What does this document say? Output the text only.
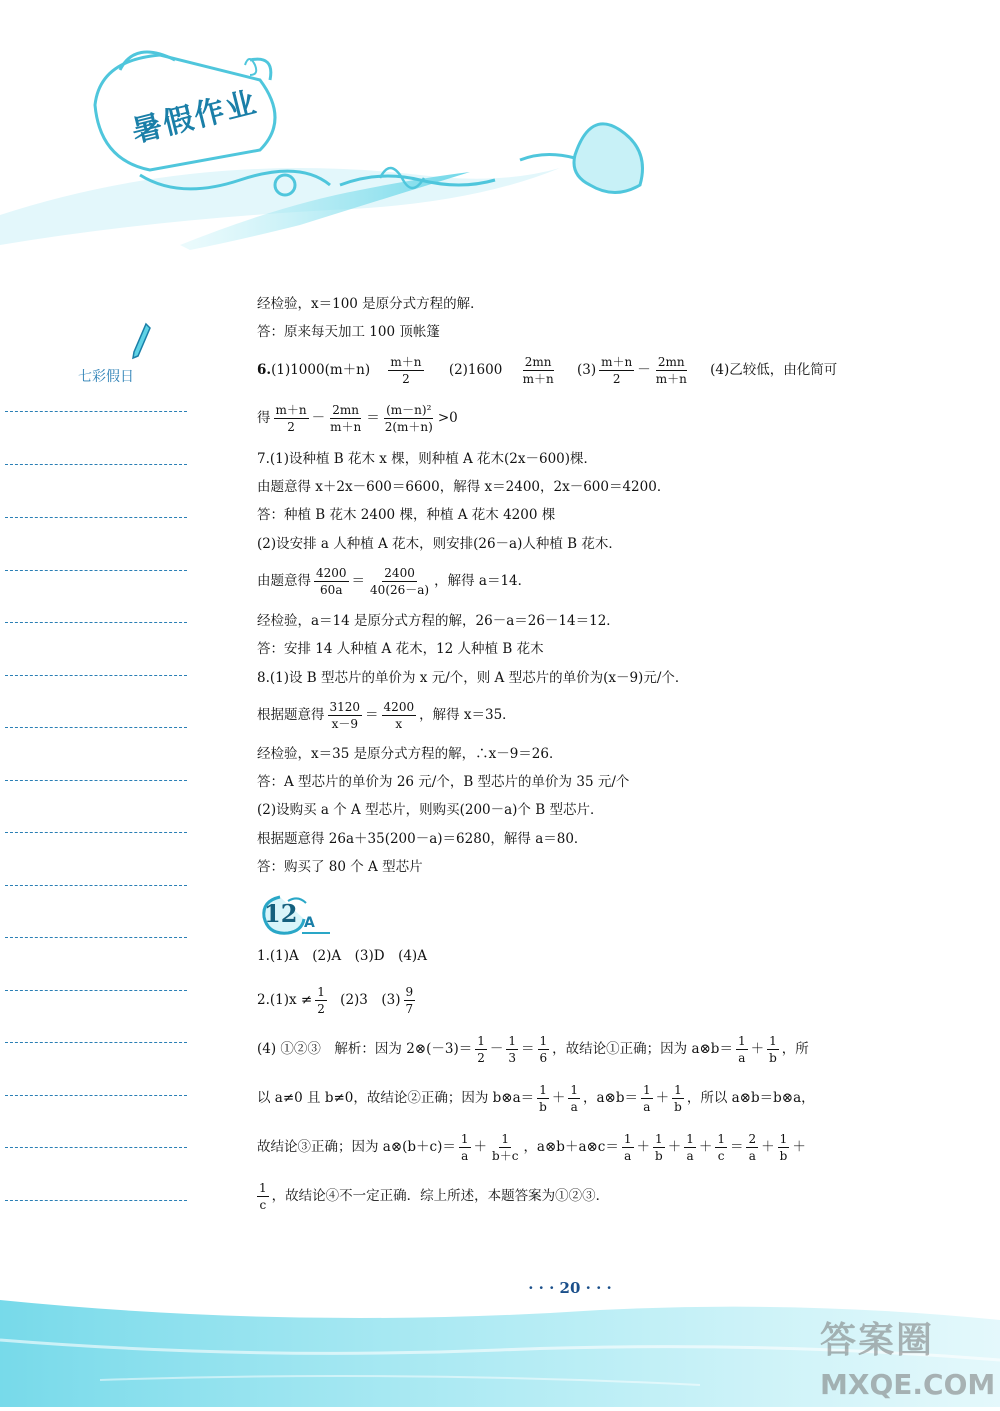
暑假作业
七彩假日
经检验，x＝100 是原分式方程的解．
答：原来每天加工 100 顶帐篷
$6.(1)1000(m+n) \frac{m+n}{2} (2)1600 \frac{2mn}{m+n} (3) \frac{m+n}{2} - \frac{2mn}{m+n} (4)$乙较低，由化简可
得 $\frac{m+n}{2} - \frac{2mn}{m+n} = \frac{\text{(m－n)²}}{2(m+n)} >0$
7.(1)设种植 B 花木 x 棵，则种植 A 花木(2x－600)棵．
由题意得 x＋2x－600＝6600，解得 x＝2400，2x－600＝4200．
答：种植 B 花木 2400 棵，种植 A 花木 4200 棵
(2)设安排 a 人种植 A 花木，则安排(26－a)人种植 B 花木．
由题意得 $\frac{4200}{60a} = \frac{2400}{40(26-a)}$ ，解得 a＝14．
经检验，a＝14 是原分式方程的解，26－a＝26－14＝12．
答：安排 14 人种植 A 花木，12 人种植 B 花木
8.(1)设 B 型芯片的单价为 x 元/个，则 A 型芯片的单价为(x－9)元/个．
根据题意得 $\frac{3120}{x-9} = \frac{4200}{x}$ ，解得 x＝35．
经检验，x＝35 是原分式方程的解，∴x－9＝26．
答：A 型芯片的单价为 26 元/个，B 型芯片的单价为 35 元/个
(2)设购买 a 个 A 型芯片，则购买(200－a)个 B 型芯片．
根据题意得 26a＋35(200－a)＝6280，解得 a＝80．
答：购买了 80 个 A 型芯片
12 A
1.(1)A　(2)A　(3)D　(4)A
$2.(1)x \ne \frac{1}{2} (2)3$　$(3) \frac{9}{7}$
(4) ①②③　解析：因为 2⊗(－3)＝ $\frac{1}{2} - \frac{1}{3} = \frac{1}{6}$ ，故结论①正确；因为 a⊗b＝ $\frac{1}{a} + \frac{1}{b}$ ，所
以 a≠0 且 b≠0，故结论②正确；因为 b⊗a＝ $\frac{1}{b} + \frac{1}{a}$ ，a⊗b＝ $\frac{1}{a} + \frac{1}{b}$ ，所以 a⊗b＝b⊗a，
故结论③正确；因为 a⊗(b＋c)＝ $\frac{1}{a} + \frac{1}{b+c}$ ，a⊗b＋a⊗c＝ $\frac{1}{a} + \frac{1}{b} + \frac{1}{a} + \frac{1}{c} = \frac{2}{a} + \frac{1}{b}$ ＋
$\frac{1}{c}$ ，故结论④不一定正确．综上所述，本题答案为①②③．
· · · 20 · · ·
答案圈
MXQE.COM
